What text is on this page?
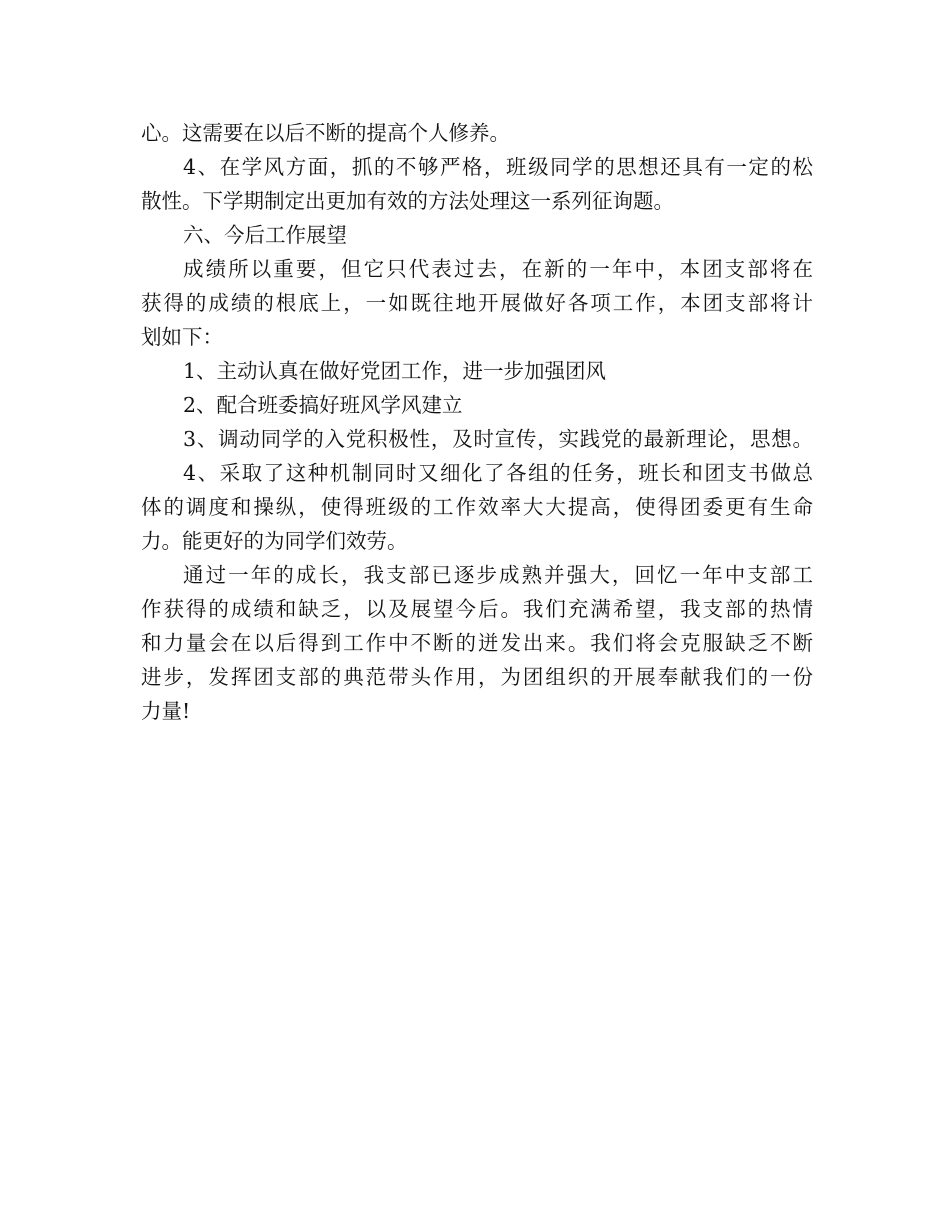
心。这需要在以后不断的提高个人修养。
4、在学风方面，抓的不够严格，班级同学的思想还具有一定的松
散性。下学期制定出更加有效的方法处理这一系列征询题。
六、今后工作展望
成绩所以重要，但它只代表过去，在新的一年中，本团支部将在
获得的成绩的根底上，一如既往地开展做好各项工作，本团支部将计
划如下：
1、主动认真在做好党团工作，进一步加强团风
2、配合班委搞好班风学风建立
3、调动同学的入党积极性，及时宣传，实践党的最新理论，思想。
4、采取了这种机制同时又细化了各组的任务，班长和团支书做总
体的调度和操纵，使得班级的工作效率大大提高，使得团委更有生命
力。能更好的为同学们效劳。
通过一年的成长，我支部已逐步成熟并强大，回忆一年中支部工
作获得的成绩和缺乏，以及展望今后。我们充满希望，我支部的热情
和力量会在以后得到工作中不断的迸发出来。我们将会克服缺乏不断
进步，发挥团支部的典范带头作用，为团组织的开展奉献我们的一份
力量!
